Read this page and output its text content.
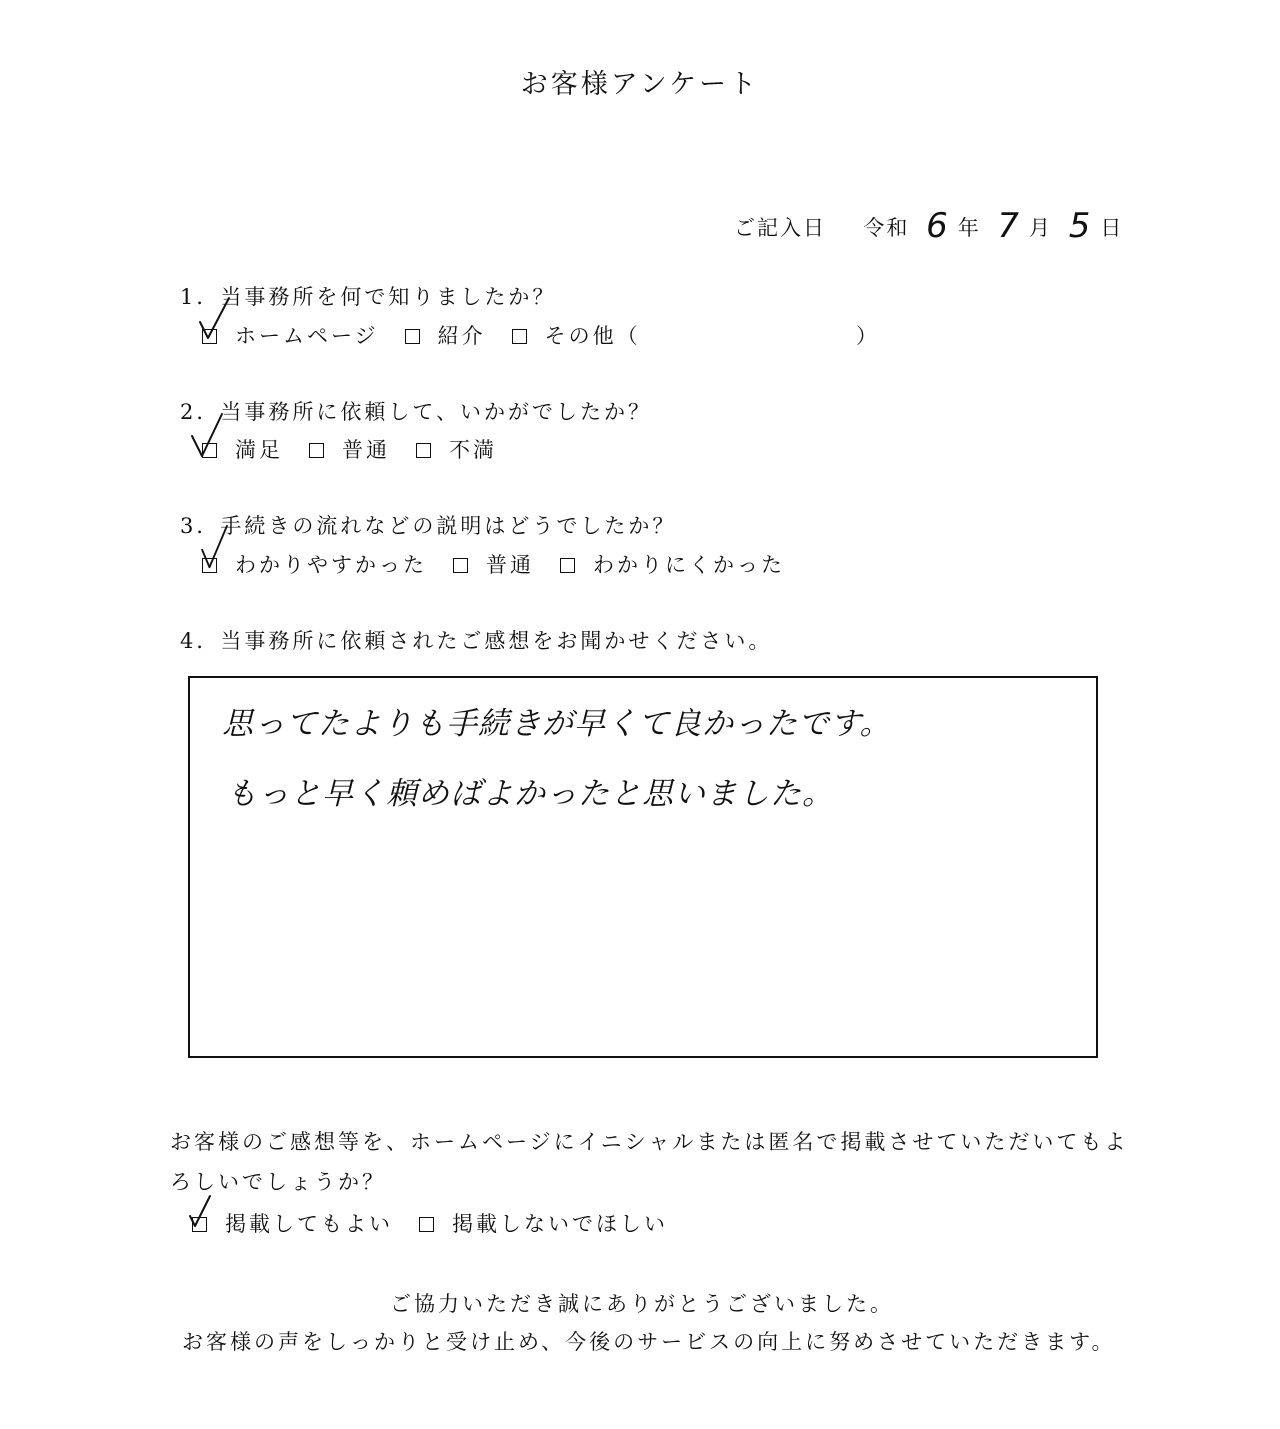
お客様アンケート
ご記入日 令和 6 年 7 月 5 日
1．当事務所を何で知りましたか？
ホームページ	紹介	その他（	）
2．当事務所に依頼して、いかがでしたか？
満足	普通	不満
3．手続きの流れなどの説明はどうでしたか？
わかりやすかった	普通	わかりにくかった
4．当事務所に依頼されたご感想をお聞かせください。
思ってたよりも手続きが早くて良かったです。
もっと早く頼めばよかったと思いました。
お客様のご感想等を、ホームページにイニシャルまたは匿名で掲載させていただいてもよ
ろしいでしょうか？
掲載してもよい	掲載しないでほしい
ご協力いただき誠にありがとうございました。
お客様の声をしっかりと受け止め、今後のサービスの向上に努めさせていただきます。
